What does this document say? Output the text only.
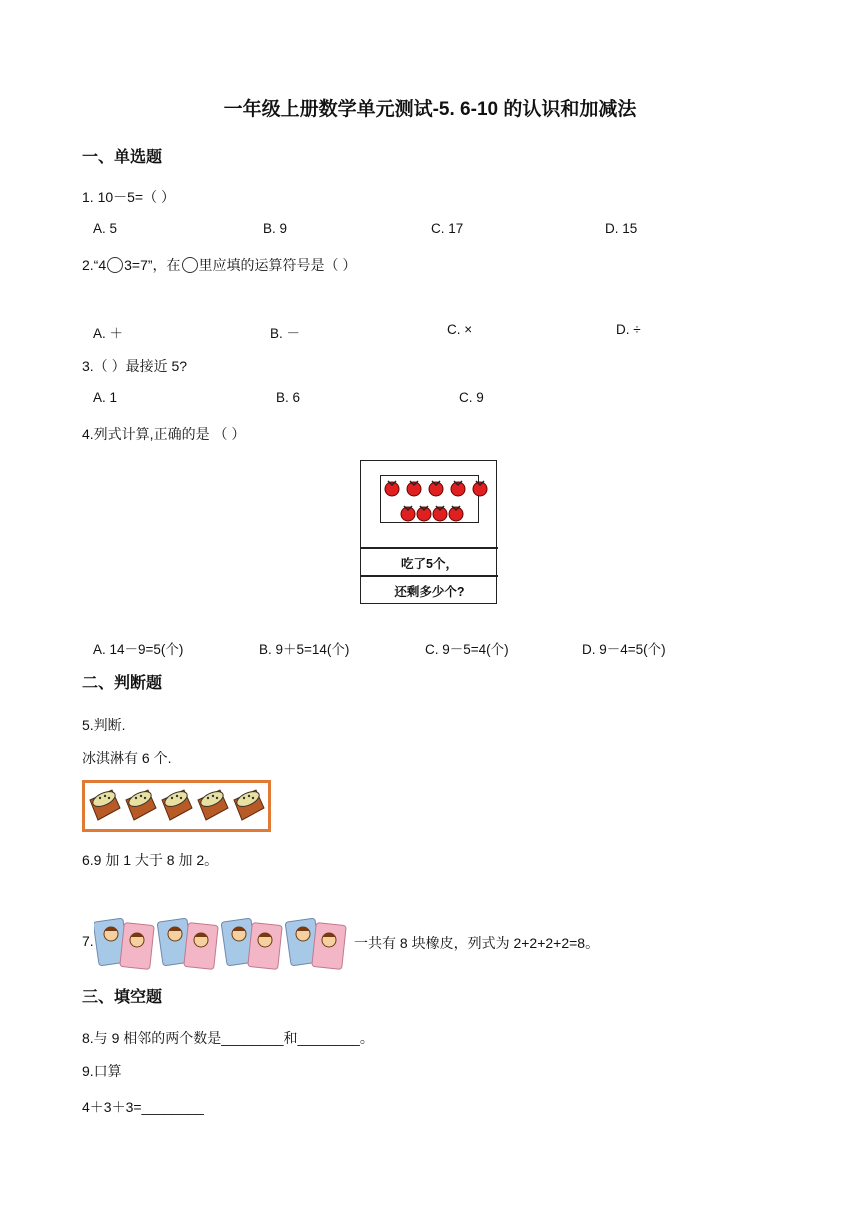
一年级上册数学单元测试-5. 6-10 的认识和加减法
一、单选题
1. 10－5=（ ）
A. 5	B. 9	C. 17	D. 15
2.“4 3=7”，在 里应填的运算符号是（ ）
A. ＋	B. －	C. ×	D. ÷
3.（ ）最接近 5?
A. 1	B. 6	C. 9
4.列式计算,正确的是 （ ）
吃了5个，
还剩多少个?
A. 14－9=5(个)	B. 9＋5=14(个)	C. 9－5=4(个)	D. 9－4=5(个)
二、判断题
5.判断.
冰淇淋有 6 个.
6.9 加 1 大于 8 加 2。
7.	一共有 8 块橡皮，列式为 2+2+2+2=8。
三、填空题
8.与 9 相邻的两个数是________和________。
9.口算
4＋3＋3=________
